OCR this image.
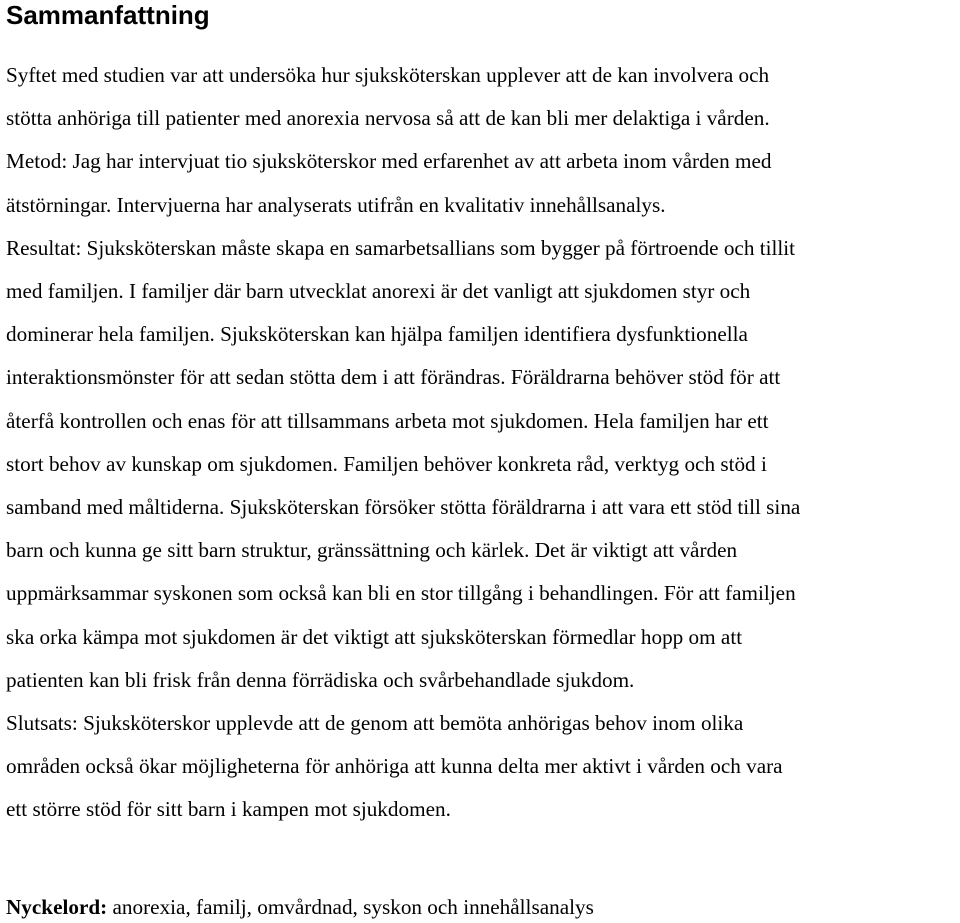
Sammanfattning
Syftet med studien var att undersöka hur sjuksköterskan upplever att de kan involvera och
stötta anhöriga till patienter med anorexia nervosa så att de kan bli mer delaktiga i vården.
Metod: Jag har intervjuat tio sjuksköterskor med erfarenhet av att arbeta inom vården med
ätstörningar. Intervjuerna har analyserats utifrån en kvalitativ innehållsanalys.
Resultat: Sjuksköterskan måste skapa en samarbetsallians som bygger på förtroende och tillit
med familjen. I familjer där barn utvecklat anorexi är det vanligt att sjukdomen styr och
dominerar hela familjen. Sjuksköterskan kan hjälpa familjen identifiera dysfunktionella
interaktionsmönster för att sedan stötta dem i att förändras. Föräldrarna behöver stöd för att
återfå kontrollen och enas för att tillsammans arbeta mot sjukdomen. Hela familjen har ett
stort behov av kunskap om sjukdomen. Familjen behöver konkreta råd, verktyg och stöd i
samband med måltiderna. Sjuksköterskan försöker stötta föräldrarna i att vara ett stöd till sina
barn och kunna ge sitt barn struktur, gränssättning och kärlek. Det är viktigt att vården
uppmärksammar syskonen som också kan bli en stor tillgång i behandlingen. För att familjen
ska orka kämpa mot sjukdomen är det viktigt att sjuksköterskan förmedlar hopp om att
patienten kan bli frisk från denna förrädiska och svårbehandlade sjukdom.
Slutsats: Sjuksköterskor upplevde att de genom att bemöta anhörigas behov inom olika
områden också ökar möjligheterna för anhöriga att kunna delta mer aktivt i vården och vara
ett större stöd för sitt barn i kampen mot sjukdomen.

Nyckelord: anorexia, familj, omvårdnad, syskon och innehållsanalys
